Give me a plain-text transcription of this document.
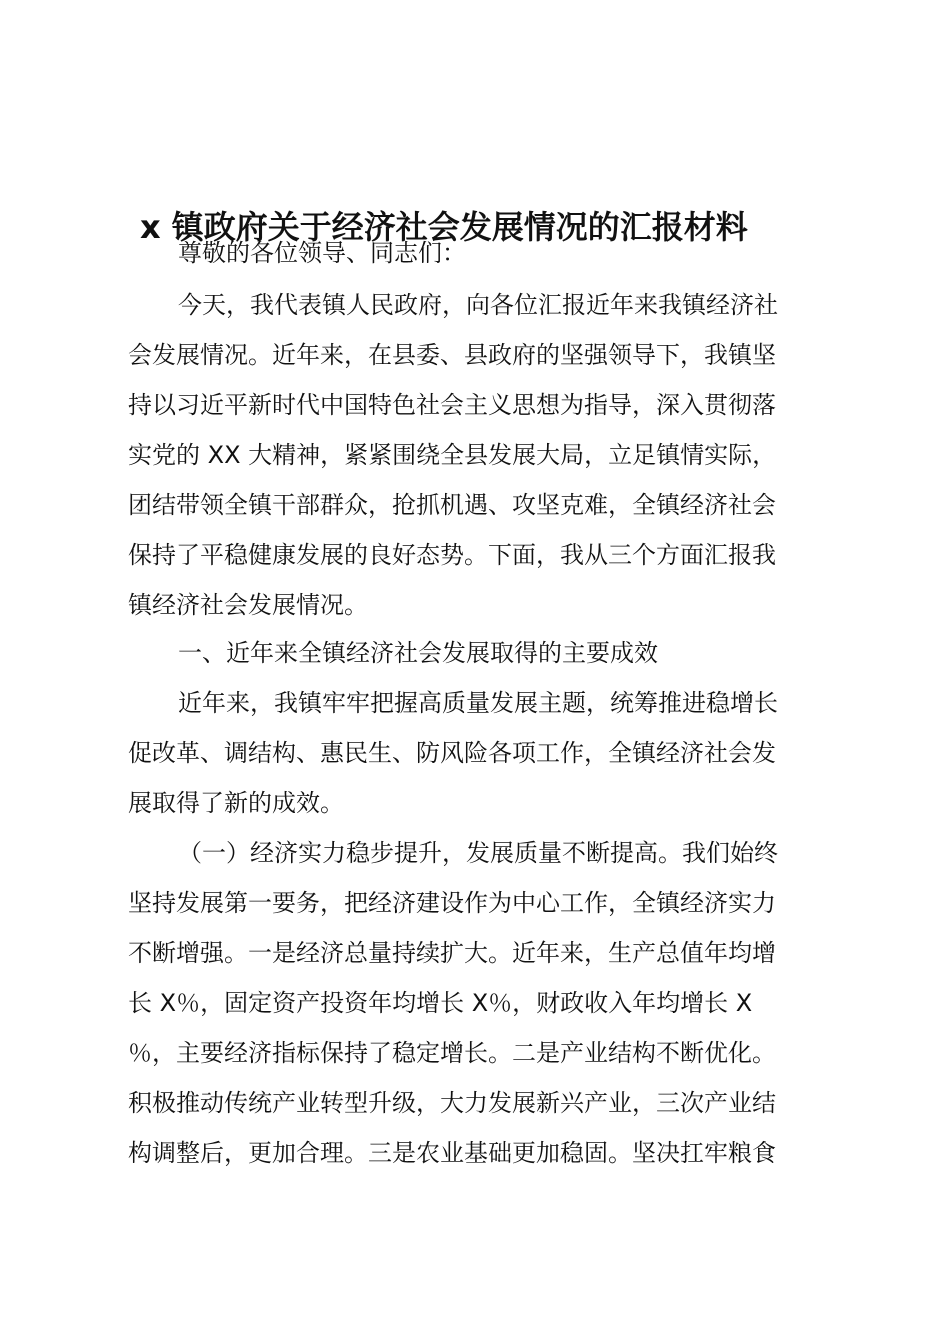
x 镇政府关于经济社会发展情况的汇报材料
尊敬的各位领导、同志们：
今天，我代表镇人民政府，向各位汇报近年来我镇经济社
会发展情况。近年来，在县委、县政府的坚强领导下，我镇坚
持以习近平新时代中国特色社会主义思想为指导，深入贯彻落
实党的 XX 大精神，紧紧围绕全县发展大局，立足镇情实际，
团结带领全镇干部群众，抢抓机遇、攻坚克难，全镇经济社会
保持了平稳健康发展的良好态势。下面，我从三个方面汇报我
镇经济社会发展情况。
一、近年来全镇经济社会发展取得的主要成效
近年来，我镇牢牢把握高质量发展主题，统筹推进稳增长
促改革、调结构、惠民生、防风险各项工作，全镇经济社会发
展取得了新的成效。
（一）经济实力稳步提升，发展质量不断提高。我们始终
坚持发展第一要务，把经济建设作为中心工作，全镇经济实力
不断增强。一是经济总量持续扩大。近年来，生产总值年均增
长 X％，固定资产投资年均增长 X％，财政收入年均增长 X
％，主要经济指标保持了稳定增长。二是产业结构不断优化。
积极推动传统产业转型升级，大力发展新兴产业，三次产业结
构调整后，更加合理。三是农业基础更加稳固。坚决扛牢粮食
